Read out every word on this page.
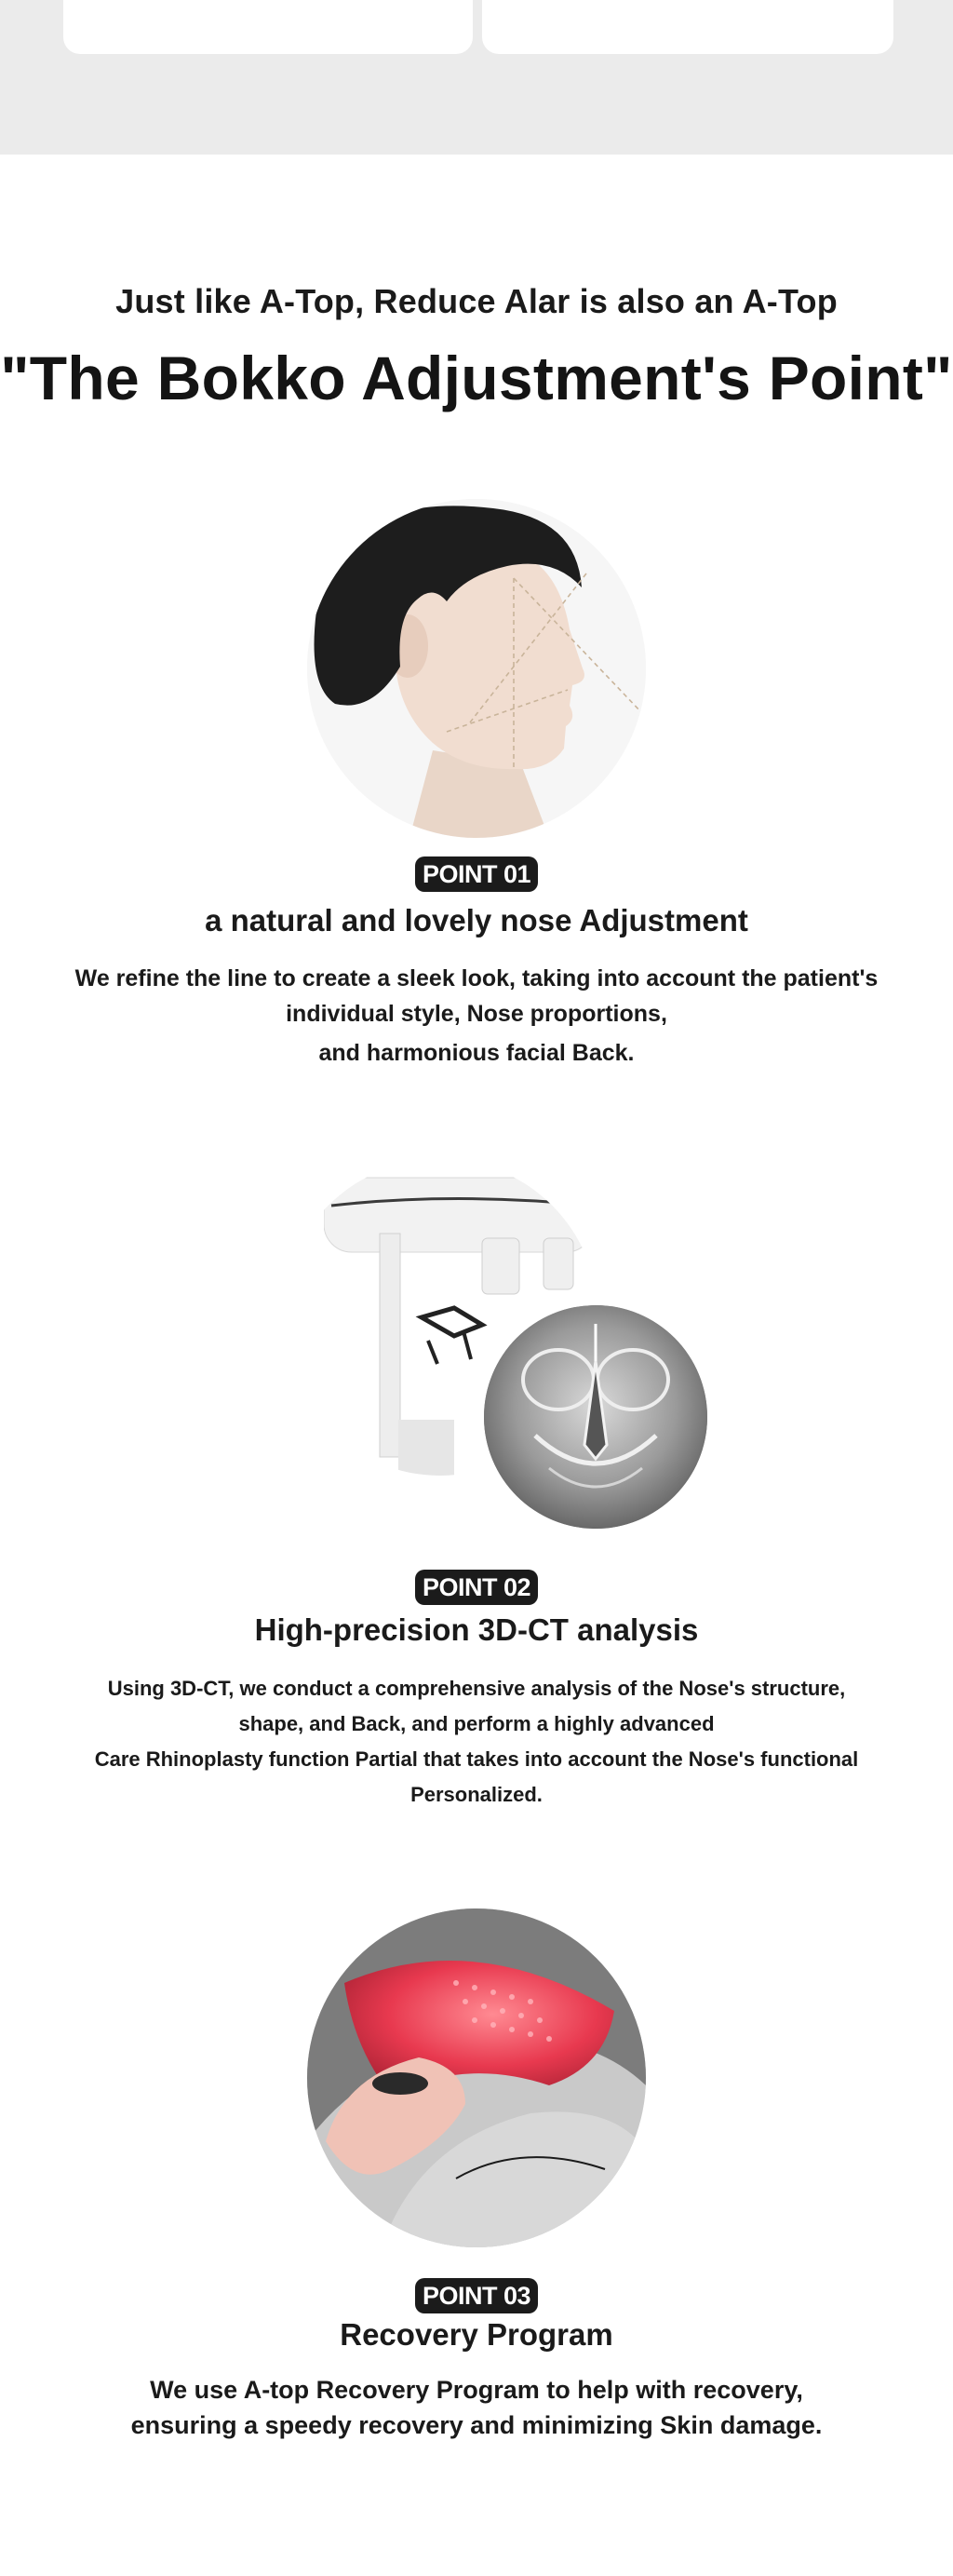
Just like A-Top, Reduce Alar is also an A-Top
"The Bokko Adjustment's Point"
POINT 01
a natural and lovely nose Adjustment
We refine the line to create a sleek look, taking into account the patient's
individual style, Nose proportions,
and harmonious facial Back.
POINT 02
High-precision 3D-CT analysis
Using 3D-CT, we conduct a comprehensive analysis of the Nose's structure,
shape, and Back, and perform a highly advanced
Care Rhinoplasty function Partial that takes into account the Nose's functional
Personalized.
POINT 03
Recovery Program
We use A-top Recovery Program to help with recovery,
ensuring a speedy recovery and minimizing Skin damage.
